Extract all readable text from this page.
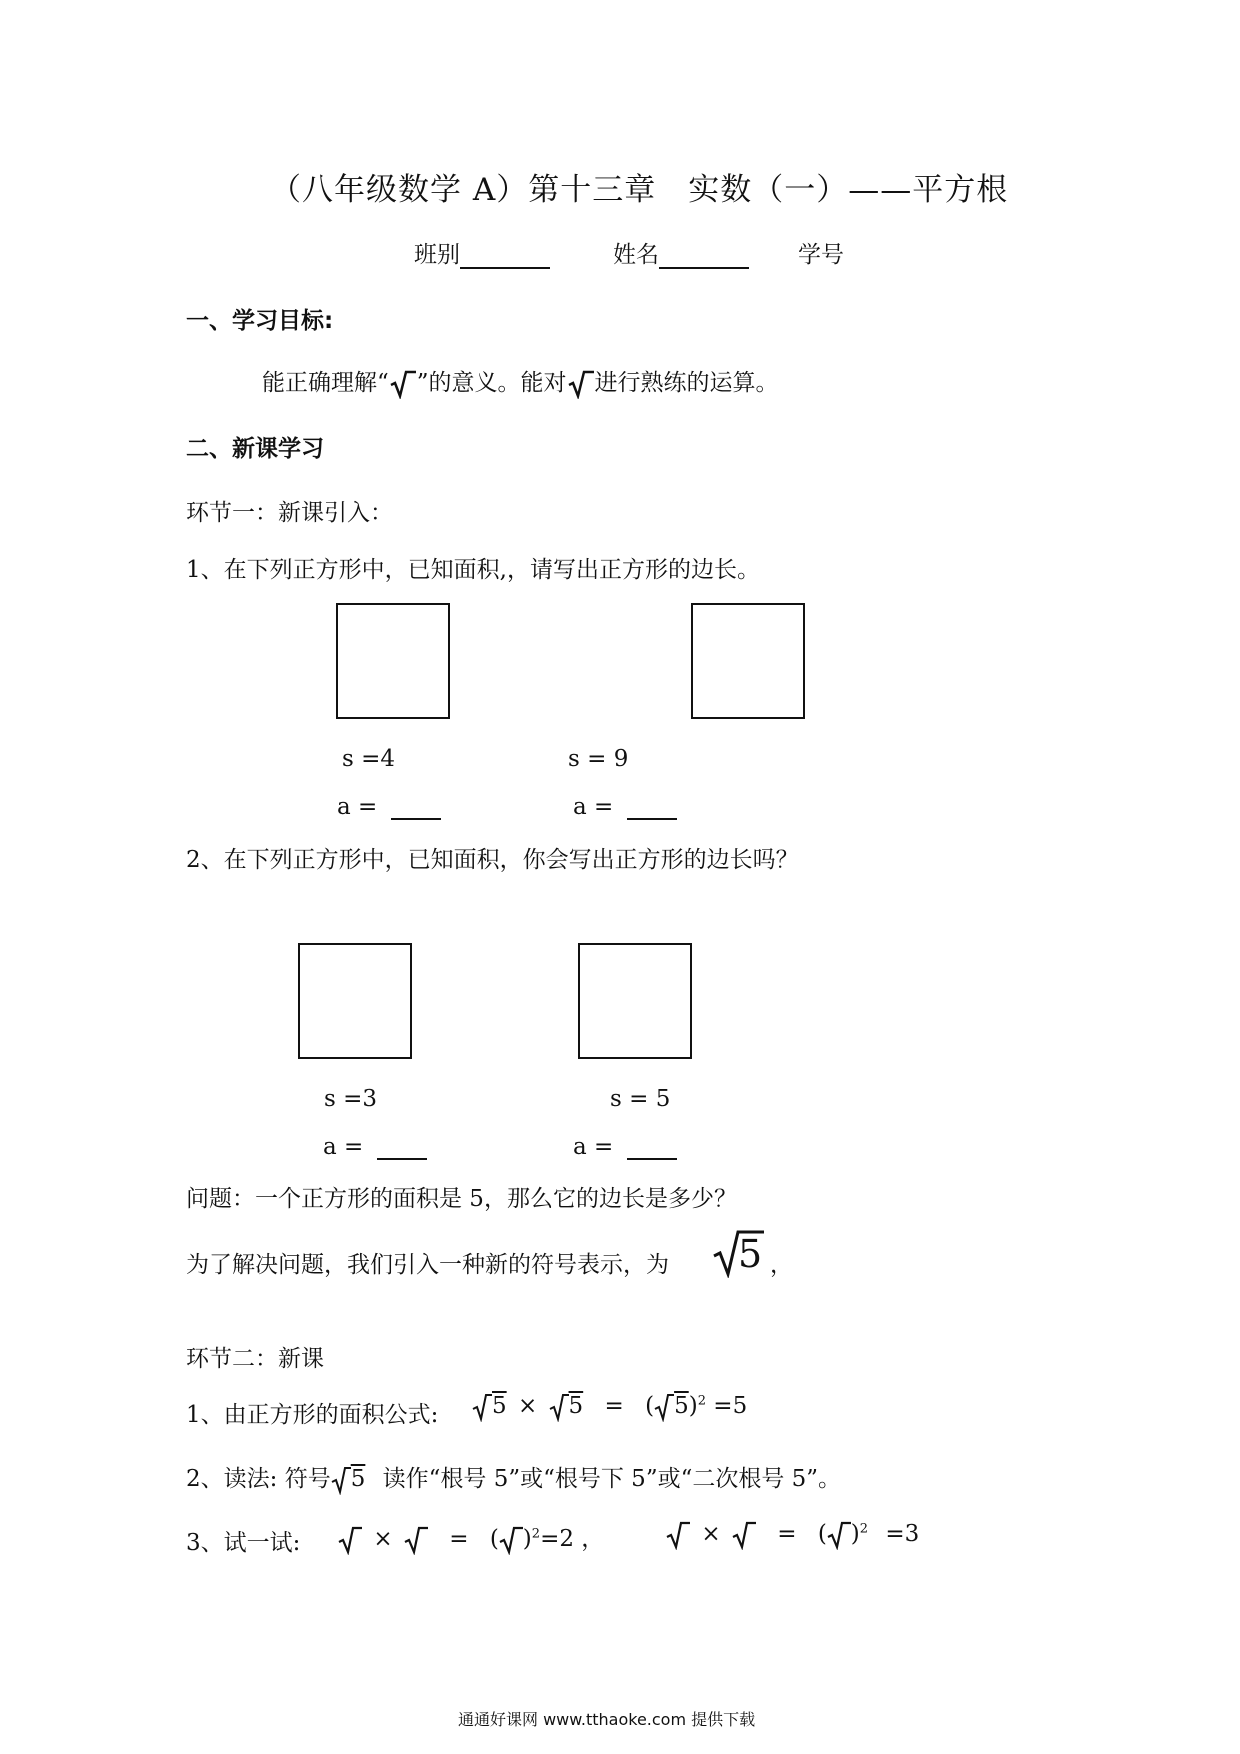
（八年级数学 A）第十三章　实数（一）——平方根
班别	姓名	学号
一、学习目标:
能正确理解“ ”的意义。能对 进行熟练的运算。
二、新课学习
环节一：新课引入：
1、在下列正方形中，已知面积,，请写出正方形的边长。
s =4	s = 9
a =	a =
2、在下列正方形中，已知面积，你会写出正方形的边长吗？
s =3	s = 5
a =	a =
问题：一个正方形的面积是 5，那么它的边长是多少？
为了解决问题，我们引入一种新的符号表示，为 5 ，
环节二：新课
1、由正方形的面积公式:	5 × 5 = ( 5)$^2$ =5
2、读法: 符号 5 读作“根号 5”或“根号下 5”或“二次根号 5”。
3、试一试:	× = ( )$^2$=2 ，	× = ( )$^2$ =3
通通好课网 www.tthaoke.com 提供下载
